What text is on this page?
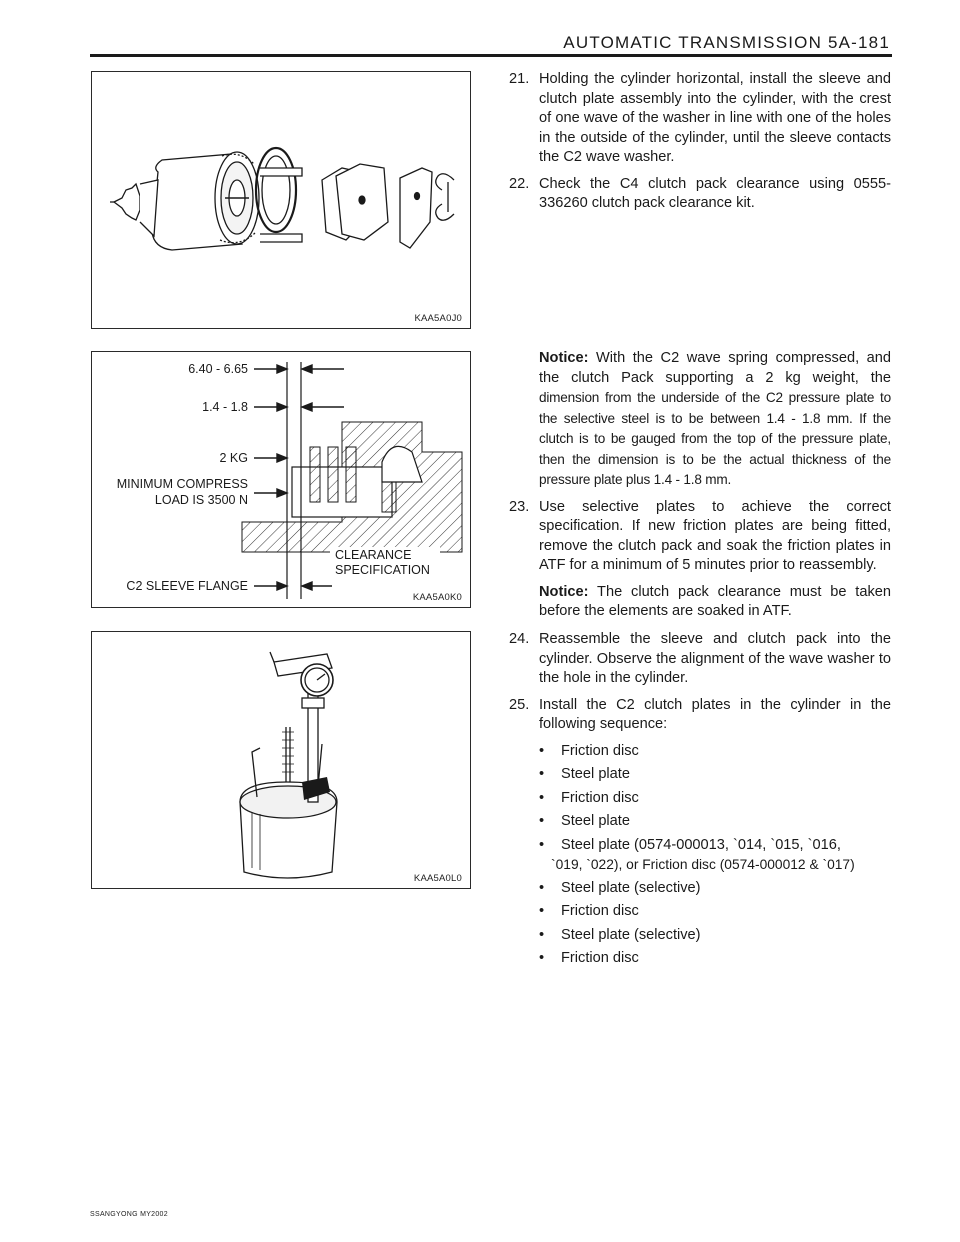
AUTOMATIC TRANSMISSION 5A-181
KAA5A0J0
6.40 - 6.65
1.4 - 1.8
2 KG
MINIMUM COMPRESS
LOAD IS 3500 N
C2 SLEEVE FLANGE
CLEARANCE
SPECIFICATION
KAA5A0K0
KAA5A0L0

21. Holding the cylinder horizontal, install the sleeve and clutch plate assembly into the cylinder, with the crest of one wave of the washer in line with one of the holes in the outside of the cylinder, until the sleeve contacts the C2 wave washer.

22. Check the C4 clutch pack clearance using 0555-336260 clutch pack clearance kit.

Notice: With the C2 wave spring compressed, and the clutch Pack supporting a 2 kg weight, the dimension from the underside of the C2 pressure plate to the selective steel is to be between 1.4 - 1.8 mm. If the clutch is to be gauged from the top of the pressure plate, then the dimension is to be the actual thickness of the pressure plate plus 1.4 - 1.8 mm.

23. Use selective plates to achieve the correct specification. If new friction plates are being fitted, remove the clutch pack and soak the friction plates in ATF for a minimum of 5 minutes prior to reassembly.

Notice: The clutch pack clearance must be taken before the elements are soaked in ATF.

24. Reassemble the sleeve and clutch pack into the cylinder. Observe the alignment of the wave washer to the hole in the cylinder.

25. Install the C2 clutch plates in the cylinder in the following sequence:

• Friction disc
• Steel plate
• Friction disc
• Steel plate
• Steel plate (0574-000013, `014, `015, `016,
`019, `022), or Friction disc (0574-000012 & `017)
• Steel plate (selective)
• Friction disc
• Steel plate (selective)
• Friction disc
SSANGYONG MY2002
